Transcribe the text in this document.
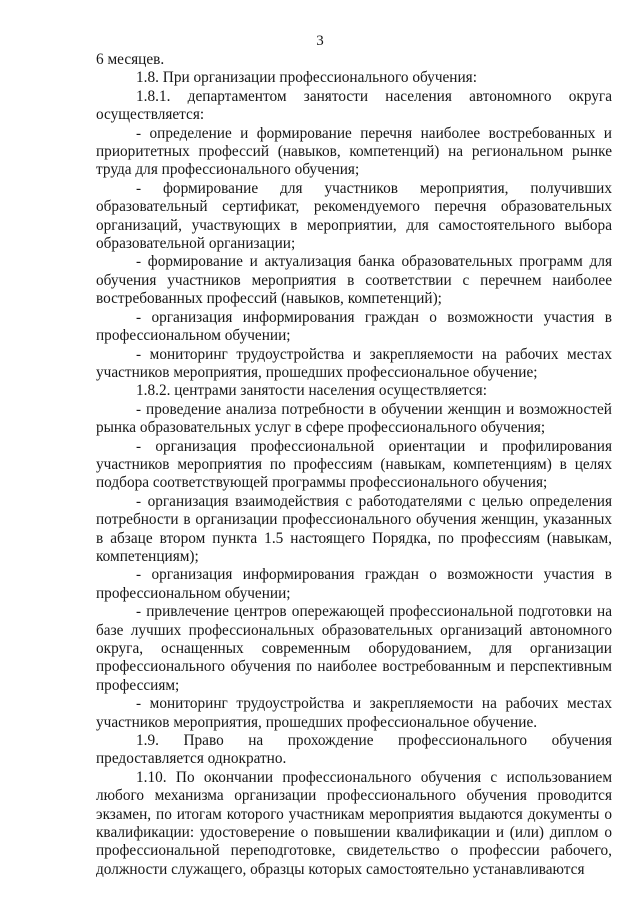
3

6 месяцев.

1.8. При организации профессионального обучения:

1.8.1. департаментом занятости населения автономного округа осуществляется:

- определение и формирование перечня наиболее востребованных и приоритетных профессий (навыков, компетенций) на региональном рынке труда для профессионального обучения;

- формирование для участников мероприятия, получивших образовательный сертификат, рекомендуемого перечня образовательных организаций, участвующих в мероприятии, для самостоятельного выбора образовательной организации;

- формирование и актуализация банка образовательных программ для обучения участников мероприятия в соответствии с перечнем наиболее востребованных профессий (навыков, компетенций);

- организация информирования граждан о возможности участия в профессиональном обучении;

- мониторинг трудоустройства и закрепляемости на рабочих местах участников мероприятия, прошедших профессиональное обучение;

1.8.2. центрами занятости населения осуществляется:

- проведение анализа потребности в обучении женщин и возможностей рынка образовательных услуг в сфере профессионального обучения;

- организация профессиональной ориентации и профилирования участников мероприятия по профессиям (навыкам, компетенциям) в целях подбора соответствующей программы профессионального обучения;

- организация взаимодействия с работодателями с целью определения потребности в организации профессионального обучения женщин, указанных в абзаце втором пункта 1.5 настоящего Порядка, по профессиям (навыкам, компетенциям);

- организация информирования граждан о возможности участия в профессиональном обучении;

- привлечение центров опережающей профессиональной подготовки на базе лучших профессиональных образовательных организаций автономного округа, оснащенных современным оборудованием, для организации профессионального обучения по наиболее востребованным и перспективным профессиям;

- мониторинг трудоустройства и закрепляемости на рабочих местах участников мероприятия, прошедших профессиональное обучение.

1.9. Право на прохождение профессионального обучения предоставляется однократно.

1.10. По окончании профессионального обучения с использованием любого механизма организации профессионального обучения проводится экзамен, по итогам которого участникам мероприятия выдаются документы о квалификации: удостоверение о повышении квалификации и (или) диплом о профессиональной переподготовке, свидетельство о профессии рабочего, должности служащего, образцы которых самостоятельно устанавливаются
